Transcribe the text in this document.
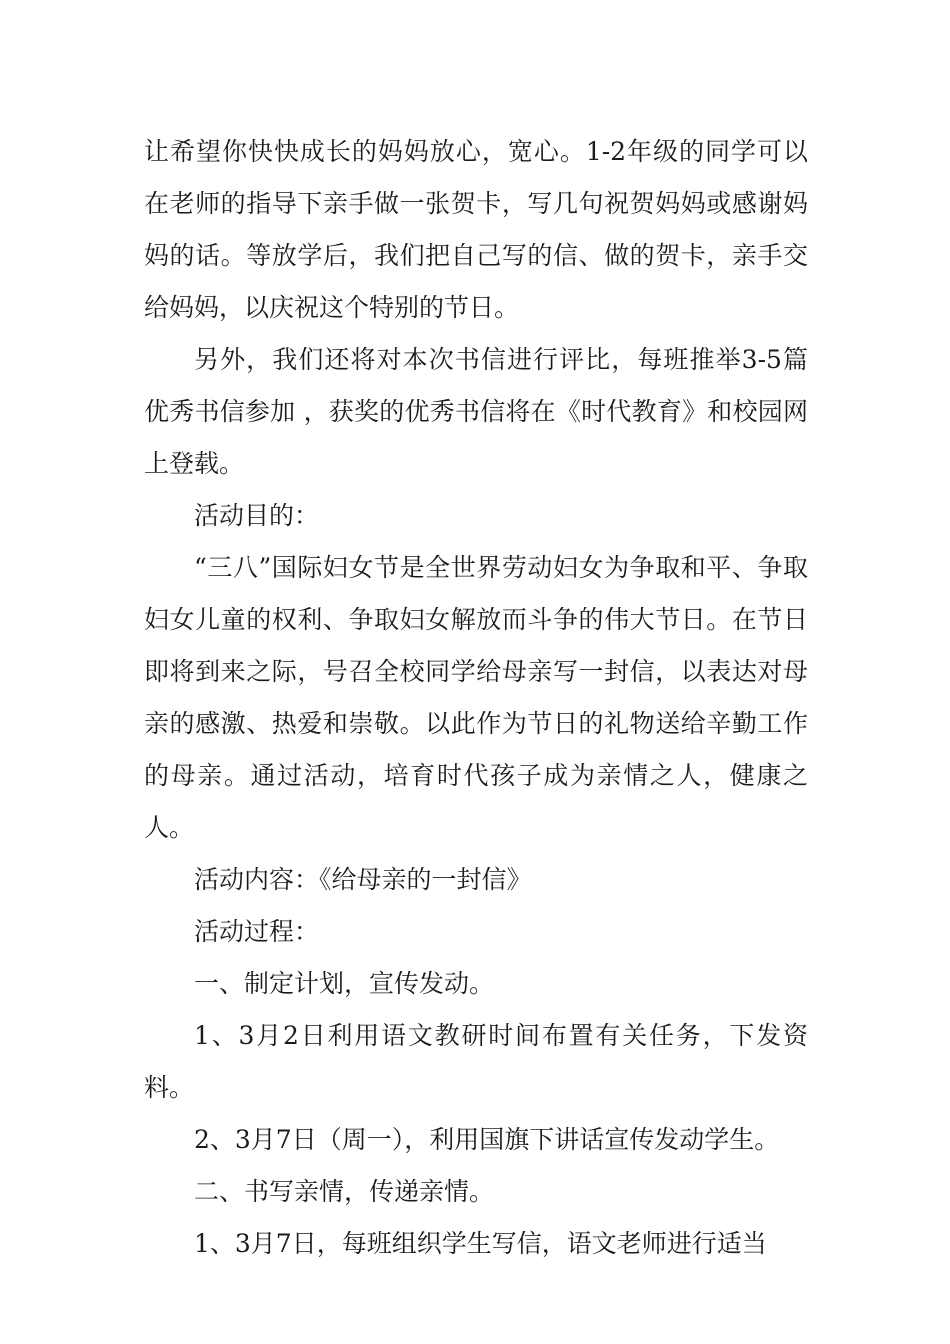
让希望你快快成长的妈妈放心，宽心。1-2年级的同学可以在老师的指导下亲手做一张贺卡，写几句祝贺妈妈或感谢妈妈的话。等放学后，我们把自己写的信、做的贺卡，亲手交给妈妈，以庆祝这个特别的节日。

另外，我们还将对本次书信进行评比，每班推举3-5篇优秀书信参加 ，获奖的优秀书信将在《时代教育》和校园网上登载。

活动目的：

“三八”国际妇女节是全世界劳动妇女为争取和平、争取妇女儿童的权利、争取妇女解放而斗争的伟大节日。在节日即将到来之际，号召全校同学给母亲写一封信，以表达对母亲的感激、热爱和崇敬。以此作为节日的礼物送给辛勤工作的母亲。通过活动，培育时代孩子成为亲情之人，健康之人。

活动内容：《给母亲的一封信》

活动过程：

一、制定计划，宣传发动。

1、3月2日利用语文教研时间布置有关任务，下发资料。

2、3月7日（周一），利用国旗下讲话宣传发动学生。

二、书写亲情，传递亲情。

1、3月7日，每班组织学生写信，语文老师进行适当
